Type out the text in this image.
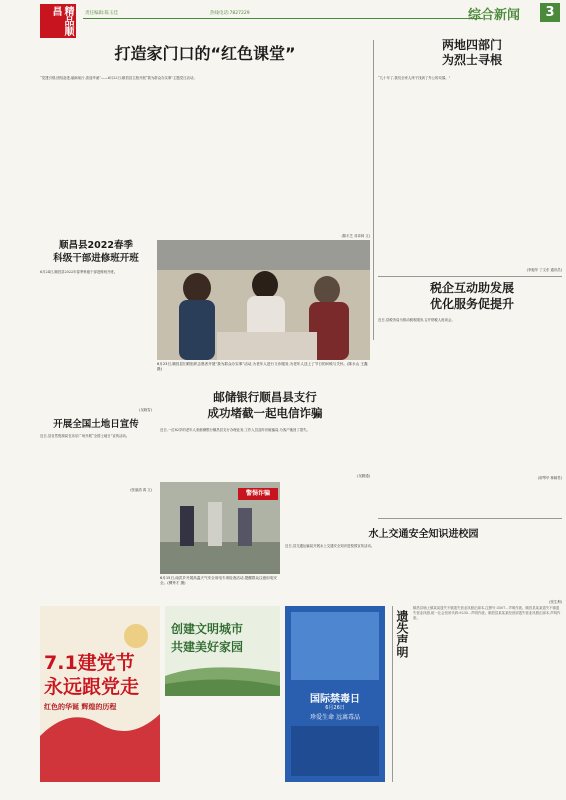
精品顺昌	责任编辑:陈玉佳	热线电话:7827229	综合新闻	3
打造家门口的“红色课堂”
“党建引领,团结奋进,砥砺前行,喜迎华诞”——6月22日,顺昌县卫校开展“我为群众办实事”主题党日活动。
(陈丰芝 邓卓林 文)
两地四部门
为烈士寻根
“几十年了,我们全家人终于找到了外公的坟墓。”
(李振华 丁文东 通讯员)
顺昌县2022春季
科级干部进修班开班
6月24日,顺昌县2022年春季科级干部进修班开班。
(吴晓雪)
6月23日,顺昌县妇联组织志愿者开展“我为群众办实事”活动,为老年人进行义诊服务,为老年人送上了节日的问候与关怀。(陈永山 王鑫 摄)
税企互动助发展
优化服务促提升
近日,县税务局为推动税收服务,召开纳税人座谈会。
(廖琴华 林婉君)
开展全国土地日宣传
近日,县自然资源局在乐乐广场开展“全国土地日”宣传活动。
(张丽清 鸿 文)
邮储银行顺昌县支行
成功堵截一起电信诈骗
近日,一位82岁的老年人来邮储银行顺昌县支行办理业务,工作人员及时识破骗局,为客户挽回了损失。
(吴勤通)
警惕诈骗
6月15日,南武乡开展高温天气安全用电专项检查活动,提醒群众注意用电安全。(柳秀才 摄)
水上交通安全知识进校园
近日,县交通运输局开展水上交通安全知识进校园宣传活动。
(张生利)
7.1建党节
永远跟党走
红色的华诞 辉煌的历程
创建文明城市
共建美好家园
国际禁毒日
6月26日
珍爱生命 远离毒品
遗失声明
顺昌县埔上镇某某遗失不慎遗失营业执照正副本,注册号:3507...声明作废。顺昌县某某遗失不慎遗失营业执照,统一社会信用代码:9235...声明作废。顺昌县某某某经营部遗失营业执照正副本,声明作废。
